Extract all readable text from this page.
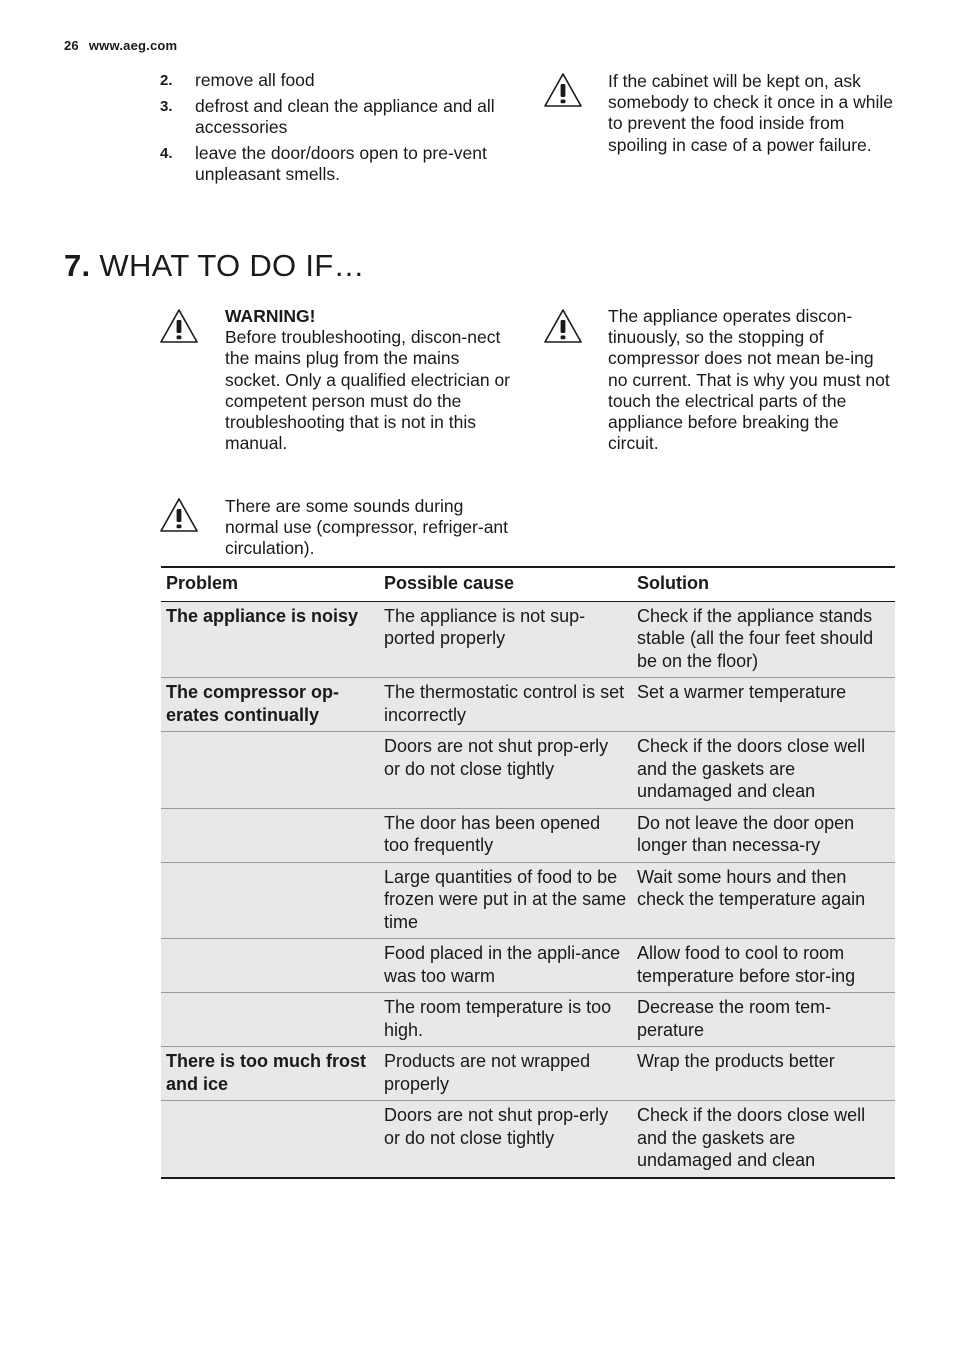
26 www.aeg.com
2.	remove all food
3.	defrost and clean the appliance and all accessories
4.	leave the door/doors open to pre-vent unpleasant smells.
If the cabinet will be kept on, ask somebody to check it once in a while to prevent the food inside from spoiling in case of a power failure.
7. WHAT TO DO IF…
WARNING!
Before troubleshooting, discon-nect the mains plug from the mains socket. Only a qualified electrician or competent person must do the troubleshooting that is not in this manual.
The appliance operates discon-tinuously, so the stopping of compressor does not mean be-ing no current. That is why you must not touch the electrical parts of the appliance before breaking the circuit.
There are some sounds during normal use (compressor, refriger-ant circulation).
Problem	Possible cause	Solution
The appliance is noisy	The appliance is not sup-ported properly	Check if the appliance stands stable (all the four feet should be on the floor)
The compressor op-erates continually	The thermostatic control is set incorrectly	Set a warmer temperature
	Doors are not shut prop-erly or do not close tightly	Check if the doors close well and the gaskets are undamaged and clean
	The door has been opened too frequently	Do not leave the door open longer than necessa-ry
	Large quantities of food to be frozen were put in at the same time	Wait some hours and then check the temperature again
	Food placed in the appli-ance was too warm	Allow food to cool to room temperature before stor-ing
	The room temperature is too high.	Decrease the room tem-perature
There is too much frost and ice	Products are not wrapped properly	Wrap the products better
	Doors are not shut prop-erly or do not close tightly	Check if the doors close well and the gaskets are undamaged and clean
